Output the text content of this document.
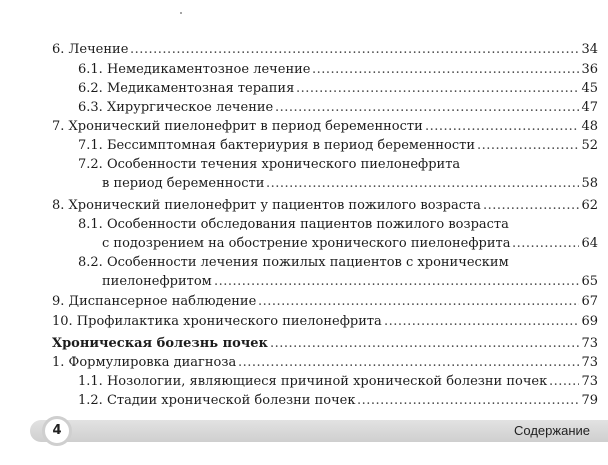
6. Лечение .....	34
6.1. Немедикаментозное лечение .....	36
6.2. Медикаментозная терапия .....	45
6.3. Хирургическое лечение .....	47
7. Хронический пиелонефрит в период беременности .....	48
7.1. Бессимптомная бактериурия в период беременности .....	52
7.2. Особенности течения хронического пиелонефрита
в период беременности .....	58
8. Хронический пиелонефрит у пациентов пожилого возраста .....	62
8.1. Особенности обследования пациентов пожилого возраста
с подозрением на обострение хронического пиелонефрита .....	64
8.2. Особенности лечения пожилых пациентов с хроническим
пиелонефритом .....	65
9. Диспансерное наблюдение .....	67
10. Профилактика хронического пиелонефрита .....	69
Хроническая болезнь почек .....	73
1. Формулировка диагноза .....	73
1.1. Нозологии, являющиеся причиной хронической болезни почек .....	73
1.2. Стадии хронической болезни почек .....	79
4	Содержание
